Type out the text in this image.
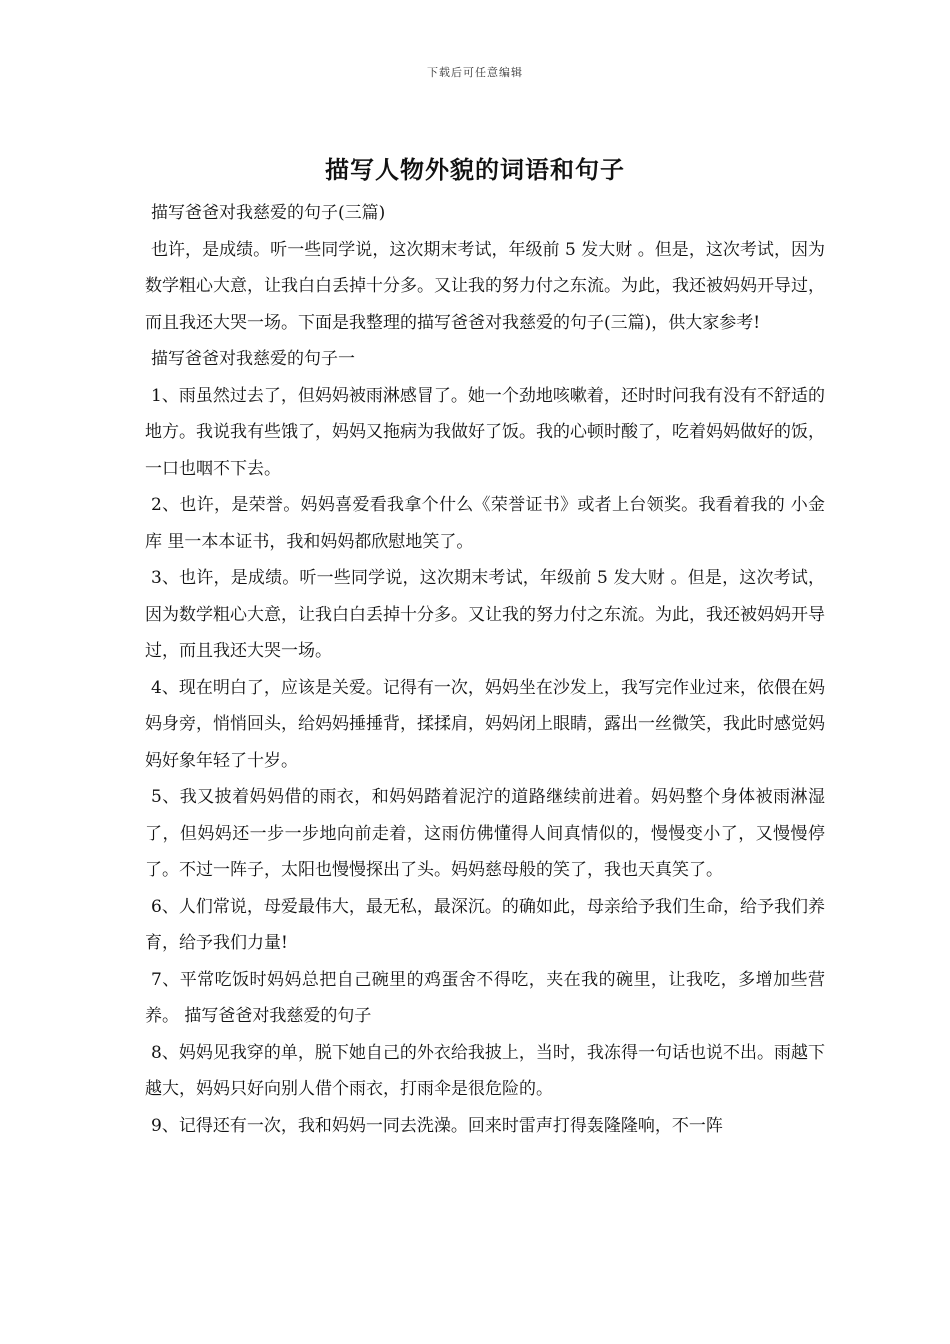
下载后可任意编辑
描写人物外貌的词语和句子

描写爸爸对我慈爱的句子(三篇)

也许，是成绩。听一些同学说，这次期末考试，年级前 5 发大财 。但是，这次考试，因为数学粗心大意，让我白白丢掉十分多。又让我的努力付之东流。为此，我还被妈妈开导过，而且我还大哭一场。下面是我整理的描写爸爸对我慈爱的句子(三篇)，供大家参考!

描写爸爸对我慈爱的句子一

1、雨虽然过去了，但妈妈被雨淋感冒了。她一个劲地咳嗽着，还时时问我有没有不舒适的地方。我说我有些饿了，妈妈又拖病为我做好了饭。我的心顿时酸了，吃着妈妈做好的饭，一口也咽不下去。

2、也许，是荣誉。妈妈喜爱看我拿个什么《荣誉证书》或者上台领奖。我看着我的 小金库 里一本本证书，我和妈妈都欣慰地笑了。

3、也许，是成绩。听一些同学说，这次期末考试，年级前 5 发大财 。但是，这次考试，因为数学粗心大意，让我白白丢掉十分多。又让我的努力付之东流。为此，我还被妈妈开导过，而且我还大哭一场。

4、现在明白了，应该是关爱。记得有一次，妈妈坐在沙发上，我写完作业过来，依偎在妈妈身旁，悄悄回头，给妈妈捶捶背，揉揉肩，妈妈闭上眼睛，露出一丝微笑，我此时感觉妈妈好象年轻了十岁。

5、我又披着妈妈借的雨衣，和妈妈踏着泥泞的道路继续前进着。妈妈整个身体被雨淋湿了，但妈妈还一步一步地向前走着，这雨仿佛懂得人间真情似的，慢慢变小了，又慢慢停了。不过一阵子，太阳也慢慢探出了头。妈妈慈母般的笑了，我也天真笑了。

6、人们常说，母爱最伟大，最无私，最深沉。的确如此，母亲给予我们生命，给予我们养育，给予我们力量!

7、平常吃饭时妈妈总把自己碗里的鸡蛋舍不得吃，夹在我的碗里，让我吃，多增加些营养。 描写爸爸对我慈爱的句子

8、妈妈见我穿的单，脱下她自己的外衣给我披上，当时，我冻得一句话也说不出。雨越下越大，妈妈只好向别人借个雨衣，打雨伞是很危险的。

9、记得还有一次，我和妈妈一同去洗澡。回来时雷声打得轰隆隆响，不一阵
